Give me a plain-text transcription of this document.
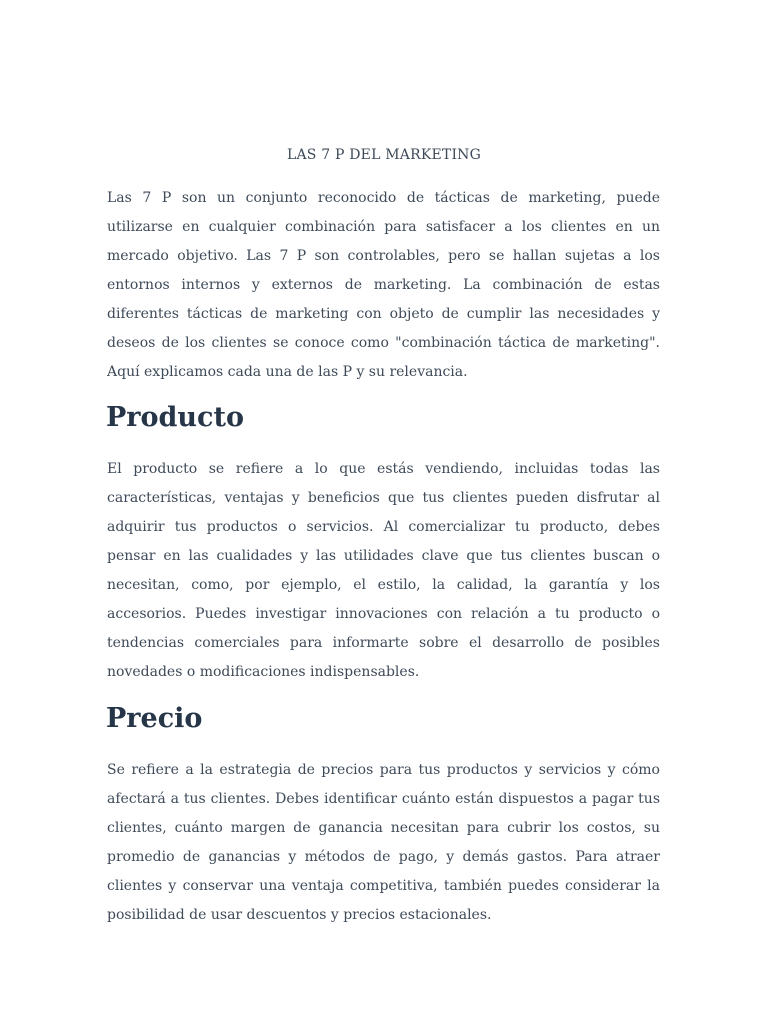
LAS 7 P DEL MARKETING
Las 7 P son un conjunto reconocido de tácticas de marketing, puede
utilizarse en cualquier combinación para satisfacer a los clientes en un
mercado objetivo. Las 7 P son controlables, pero se hallan sujetas a los
entornos internos y externos de marketing. La combinación de estas
diferentes tácticas de marketing con objeto de cumplir las necesidades y
deseos de los clientes se conoce como "combinación táctica de marketing".
Aquí explicamos cada una de las P y su relevancia.
Producto
El producto se refiere a lo que estás vendiendo, incluidas todas las
características, ventajas y beneficios que tus clientes pueden disfrutar al
adquirir tus productos o servicios. Al comercializar tu producto, debes
pensar en las cualidades y las utilidades clave que tus clientes buscan o
necesitan, como, por ejemplo, el estilo, la calidad, la garantía y los
accesorios. Puedes investigar innovaciones con relación a tu producto o
tendencias comerciales para informarte sobre el desarrollo de posibles
novedades o modificaciones indispensables.
Precio
Se refiere a la estrategia de precios para tus productos y servicios y cómo
afectará a tus clientes. Debes identificar cuánto están dispuestos a pagar tus
clientes, cuánto margen de ganancia necesitan para cubrir los costos, su
promedio de ganancias y métodos de pago, y demás gastos. Para atraer
clientes y conservar una ventaja competitiva, también puedes considerar la
posibilidad de usar descuentos y precios estacionales.
